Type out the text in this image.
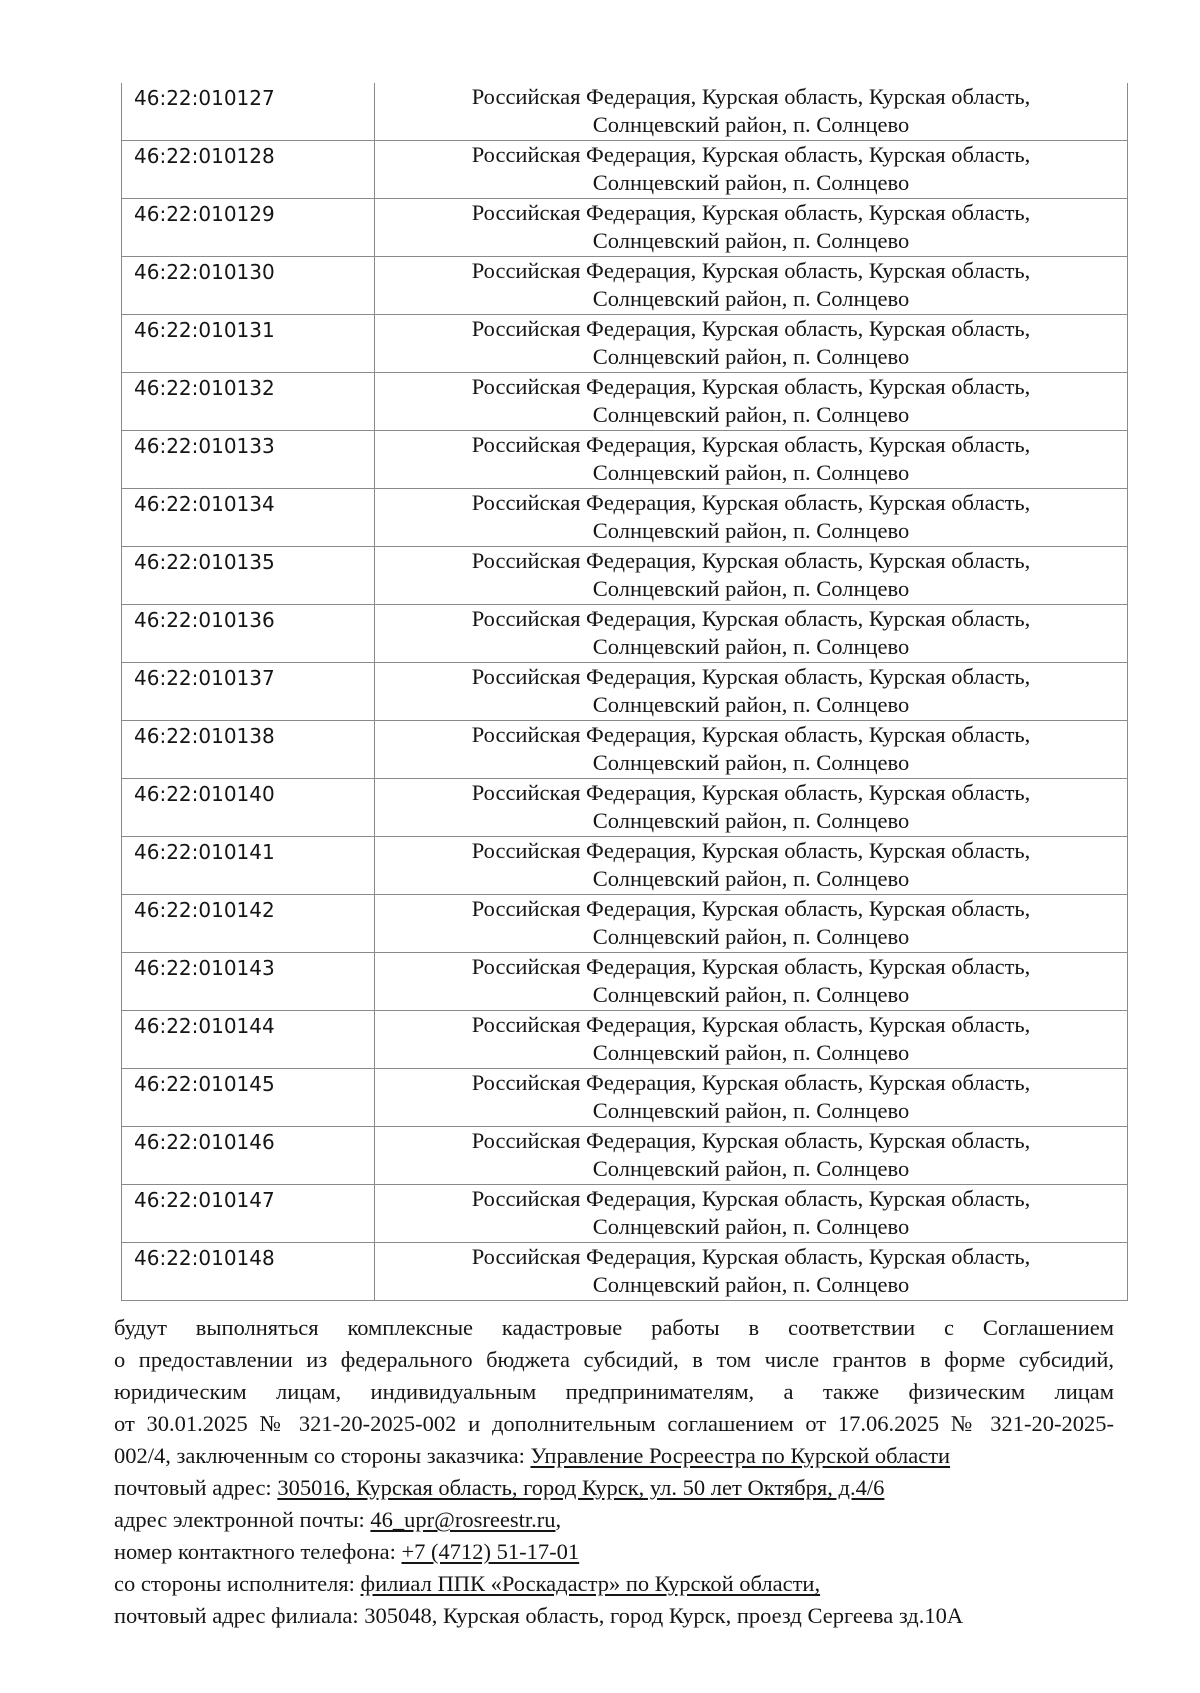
46:22:010127	Российская Федерация, Курская область, Курская область,
Солнцевский район, п. Солнцево

46:22:010128	Российская Федерация, Курская область, Курская область,
Солнцевский район, п. Солнцево

46:22:010129	Российская Федерация, Курская область, Курская область,
Солнцевский район, п. Солнцево

46:22:010130	Российская Федерация, Курская область, Курская область,
Солнцевский район, п. Солнцево

46:22:010131	Российская Федерация, Курская область, Курская область,
Солнцевский район, п. Солнцево

46:22:010132	Российская Федерация, Курская область, Курская область,
Солнцевский район, п. Солнцево

46:22:010133	Российская Федерация, Курская область, Курская область,
Солнцевский район, п. Солнцево

46:22:010134	Российская Федерация, Курская область, Курская область,
Солнцевский район, п. Солнцево

46:22:010135	Российская Федерация, Курская область, Курская область,
Солнцевский район, п. Солнцево

46:22:010136	Российская Федерация, Курская область, Курская область,
Солнцевский район, п. Солнцево

46:22:010137	Российская Федерация, Курская область, Курская область,
Солнцевский район, п. Солнцево

46:22:010138	Российская Федерация, Курская область, Курская область,
Солнцевский район, п. Солнцево

46:22:010140	Российская Федерация, Курская область, Курская область,
Солнцевский район, п. Солнцево

46:22:010141	Российская Федерация, Курская область, Курская область,
Солнцевский район, п. Солнцево

46:22:010142	Российская Федерация, Курская область, Курская область,
Солнцевский район, п. Солнцево

46:22:010143	Российская Федерация, Курская область, Курская область,
Солнцевский район, п. Солнцево

46:22:010144	Российская Федерация, Курская область, Курская область,
Солнцевский район, п. Солнцево

46:22:010145	Российская Федерация, Курская область, Курская область,
Солнцевский район, п. Солнцево

46:22:010146	Российская Федерация, Курская область, Курская область,
Солнцевский район, п. Солнцево

46:22:010147	Российская Федерация, Курская область, Курская область,
Солнцевский район, п. Солнцево

46:22:010148	Российская Федерация, Курская область, Курская область,
Солнцевский район, п. Солнцево

будут выполняться комплексные кадастровые работы в соответствии с Соглашением

о предоставлении из федерального бюджета субсидий, в том числе грантов в форме субсидий,

юридическим лицам, индивидуальным предпринимателям, а также физическим лицам

от 30.01.2025 № 321-20-2025-002 и дополнительным соглашением от 17.06.2025 № 321-20-2025-

002/4, заключенным со стороны заказчика: Управление Росреестра по Курской области

почтовый адрес: 305016, Курская область, город Курск, ул. 50 лет Октября, д.4/6

адрес электронной почты: 46_upr@rosreestr.ru,

номер контактного телефона: +7 (4712) 51-17-01

со стороны исполнителя: филиал ППК «Роскадастр» по Курской области,

почтовый адрес филиала: 305048, Курская область, город Курск, проезд Сергеева зд.10А
